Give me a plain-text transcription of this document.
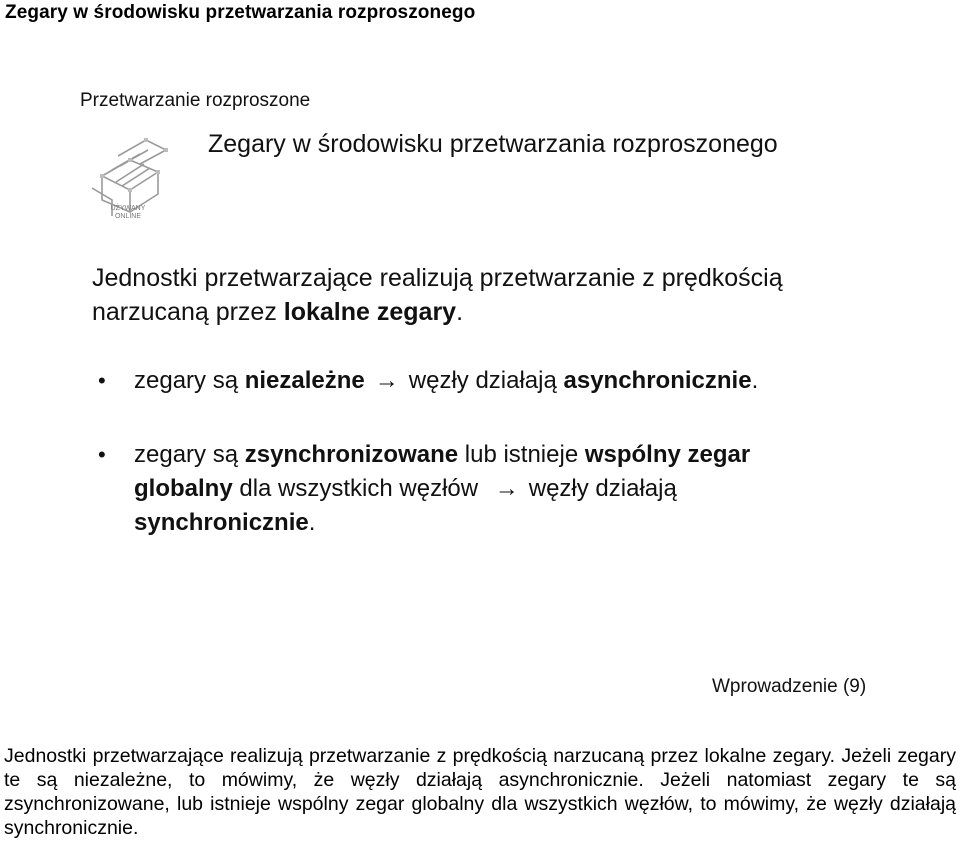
Zegary w środowisku przetwarzania rozproszonego
Przetwarzanie rozproszone
UŻYWANY
ONLINE
Zegary w środowisku przetwarzania rozproszonego
Jednostki przetwarzające realizują przetwarzanie z prędkością narzucaną przez lokalne zegary.
• zegary są niezależne → węzły działają asynchronicznie.
• zegary są zsynchronizowane lub istnieje wspólny zegar globalny dla wszystkich węzłów → węzły działają synchronicznie.
Wprowadzenie (9)
Jednostki przetwarzające realizują przetwarzanie z prędkością narzucaną przez lokalne zegary. Jeżeli zegary te są niezależne, to mówimy, że węzły działają asynchronicznie. Jeżeli natomiast zegary te są zsynchronizowane, lub istnieje wspólny zegar globalny dla wszystkich węzłów, to mówimy, że węzły działają synchronicznie.
